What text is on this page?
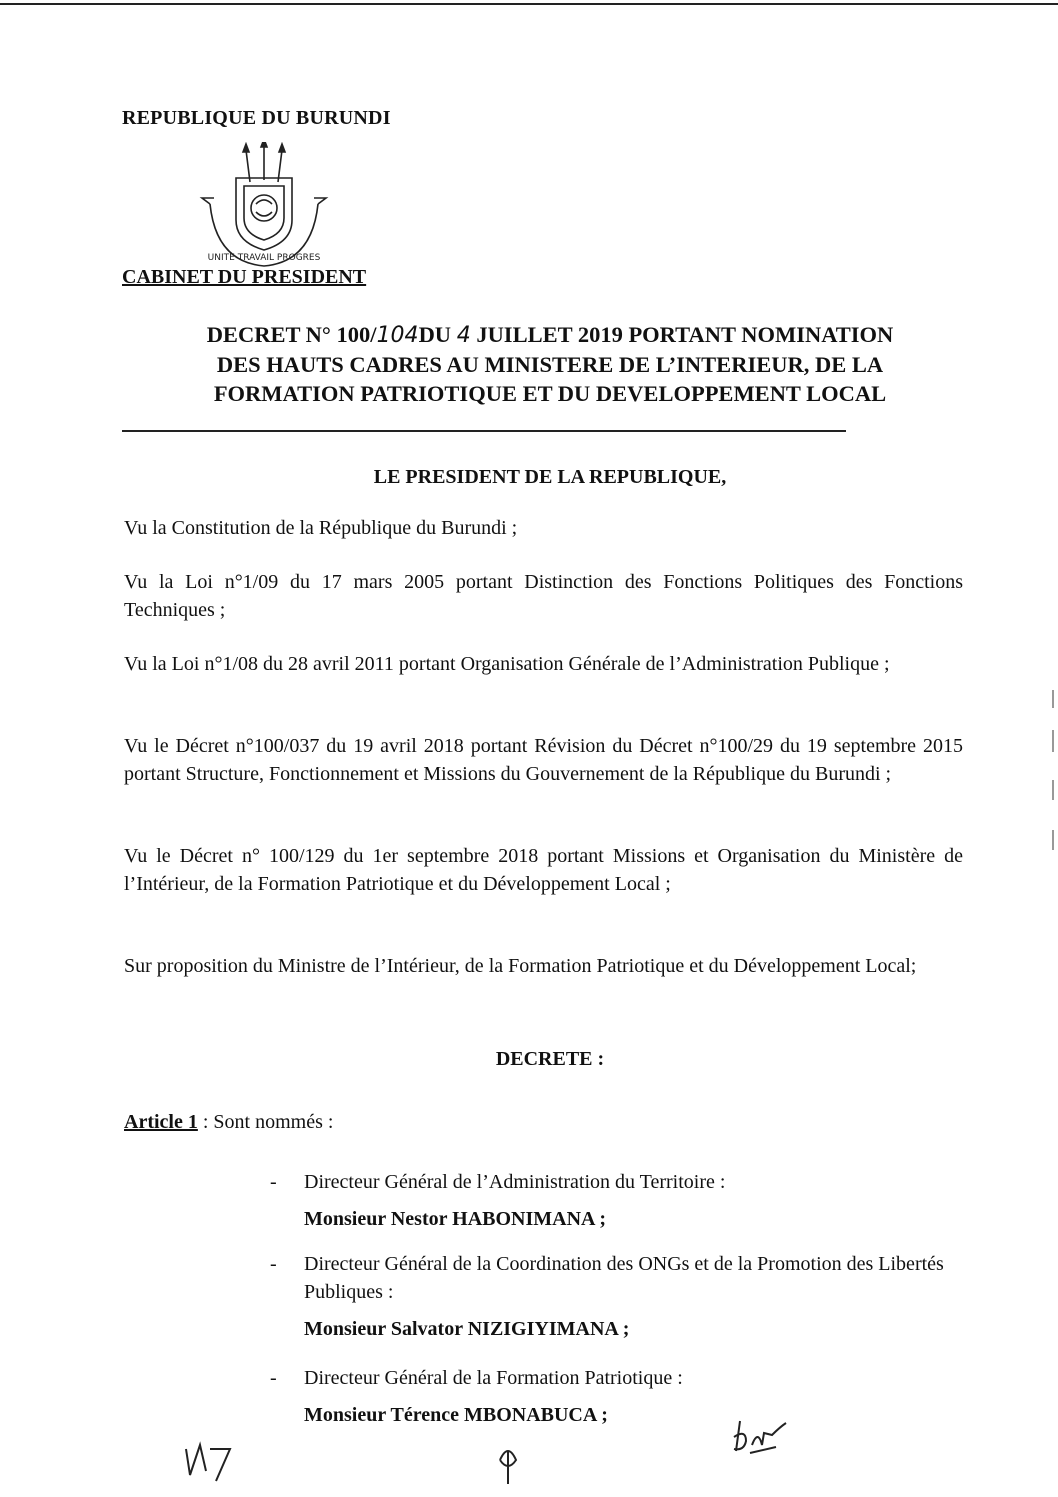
REPUBLIQUE DU BURUNDI
UNITE TRAVAIL PROGRES
CABINET DU PRESIDENT
DECRET N° 100/104DU 4 JUILLET 2019 PORTANT NOMINATION
DES HAUTS CADRES AU MINISTERE DE L’INTERIEUR, DE LA
FORMATION PATRIOTIQUE ET DU DEVELOPPEMENT LOCAL
LE PRESIDENT DE LA REPUBLIQUE,
Vu la Constitution de la République du Burundi ;
Vu la Loi n°1/09 du 17 mars 2005 portant Distinction des Fonctions Politiques des Fonctions Techniques ;
Vu la Loi n°1/08 du 28 avril 2011 portant Organisation Générale de l’Administration Publique ;
Vu le Décret n°100/037 du 19 avril 2018 portant Révision du Décret n°100/29 du 19 septembre 2015 portant Structure, Fonctionnement et Missions du Gouvernement de la République du Burundi ;
Vu le Décret n° 100/129 du 1er septembre 2018 portant Missions et Organisation du Ministère de l’Intérieur, de la Formation Patriotique et du Développement Local ;
Sur proposition du Ministre de l’Intérieur, de la Formation Patriotique et du Développement Local;
DECRETE :
Article 1 : Sont nommés :
- Directeur Général de l’Administration du Territoire :
Monsieur Nestor HABONIMANA ;
- Directeur Général de la Coordination des ONGs et de la Promotion des Libertés Publiques :
Monsieur Salvator NIZIGIYIMANA ;
- Directeur Général de la Formation Patriotique :
Monsieur Térence MBONABUCA ;
